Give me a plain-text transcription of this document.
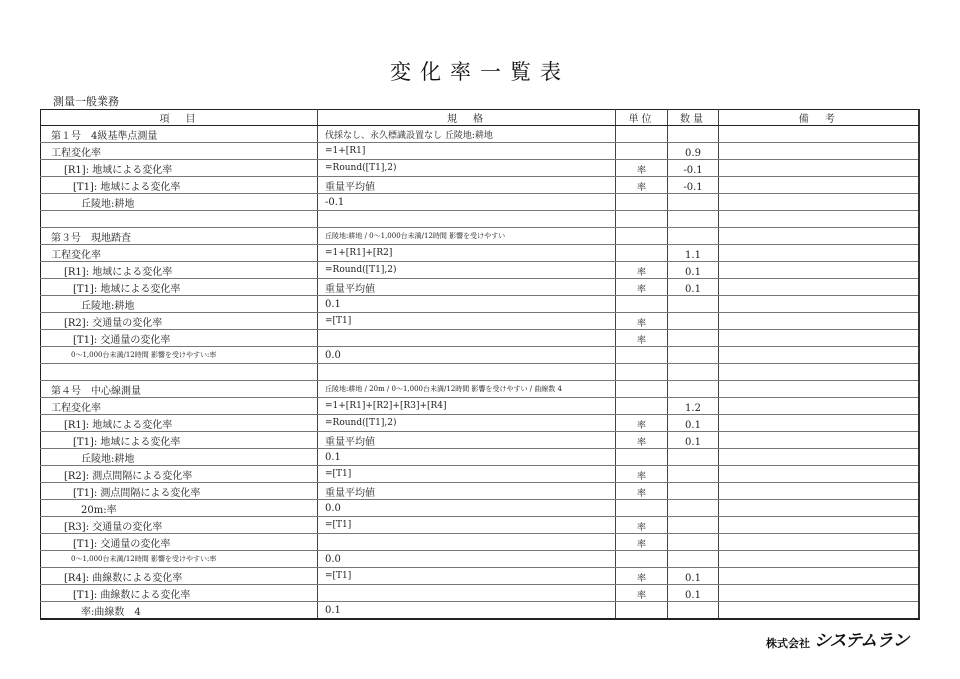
変化率一覧表
測量一般業務
項　目	規　格	単位	数量	備　考
第１号　4級基準点測量	伐採なし、永久標識設置なし 丘陵地:耕地			
工程変化率	=1+[R1]		0.9	
[R1]: 地域による変化率	=Round([T1],2)	率	-0.1	
[T1]: 地域による変化率	重量平均値	率	-0.1	
丘陵地:耕地	-0.1			

第３号　現地踏査	丘陵地:耕地 / 0～1,000台未満/12時間 影響を受けやすい			
工程変化率	=1+[R1]+[R2]		1.1	
[R1]: 地域による変化率	=Round([T1],2)	率	0.1	
[T1]: 地域による変化率	重量平均値	率	0.1	
丘陵地:耕地	0.1			
[R2]: 交通量の変化率	=[T1]	率		
[T1]: 交通量の変化率		率		
0～1,000台未満/12時間 影響を受けやすい:率	0.0			

第４号　中心線測量	丘陵地:耕地 / 20m / 0～1,000台未満/12時間 影響を受けやすい / 曲線数 4			
工程変化率	=1+[R1]+[R2]+[R3]+[R4]		1.2	
[R1]: 地域による変化率	=Round([T1],2)	率	0.1	
[T1]: 地域による変化率	重量平均値	率	0.1	
丘陵地:耕地	0.1			
[R2]: 測点間隔による変化率	=[T1]	率		
[T1]: 測点間隔による変化率	重量平均値	率		
20m:率	0.0			
[R3]: 交通量の変化率	=[T1]	率		
[T1]: 交通量の変化率		率		
0～1,000台未満/12時間 影響を受けやすい:率	0.0			
[R4]: 曲線数による変化率	=[T1]	率	0.1	
[T1]: 曲線数による変化率		率	0.1	
率:曲線数　4	0.1			
株式会社 システムラン
